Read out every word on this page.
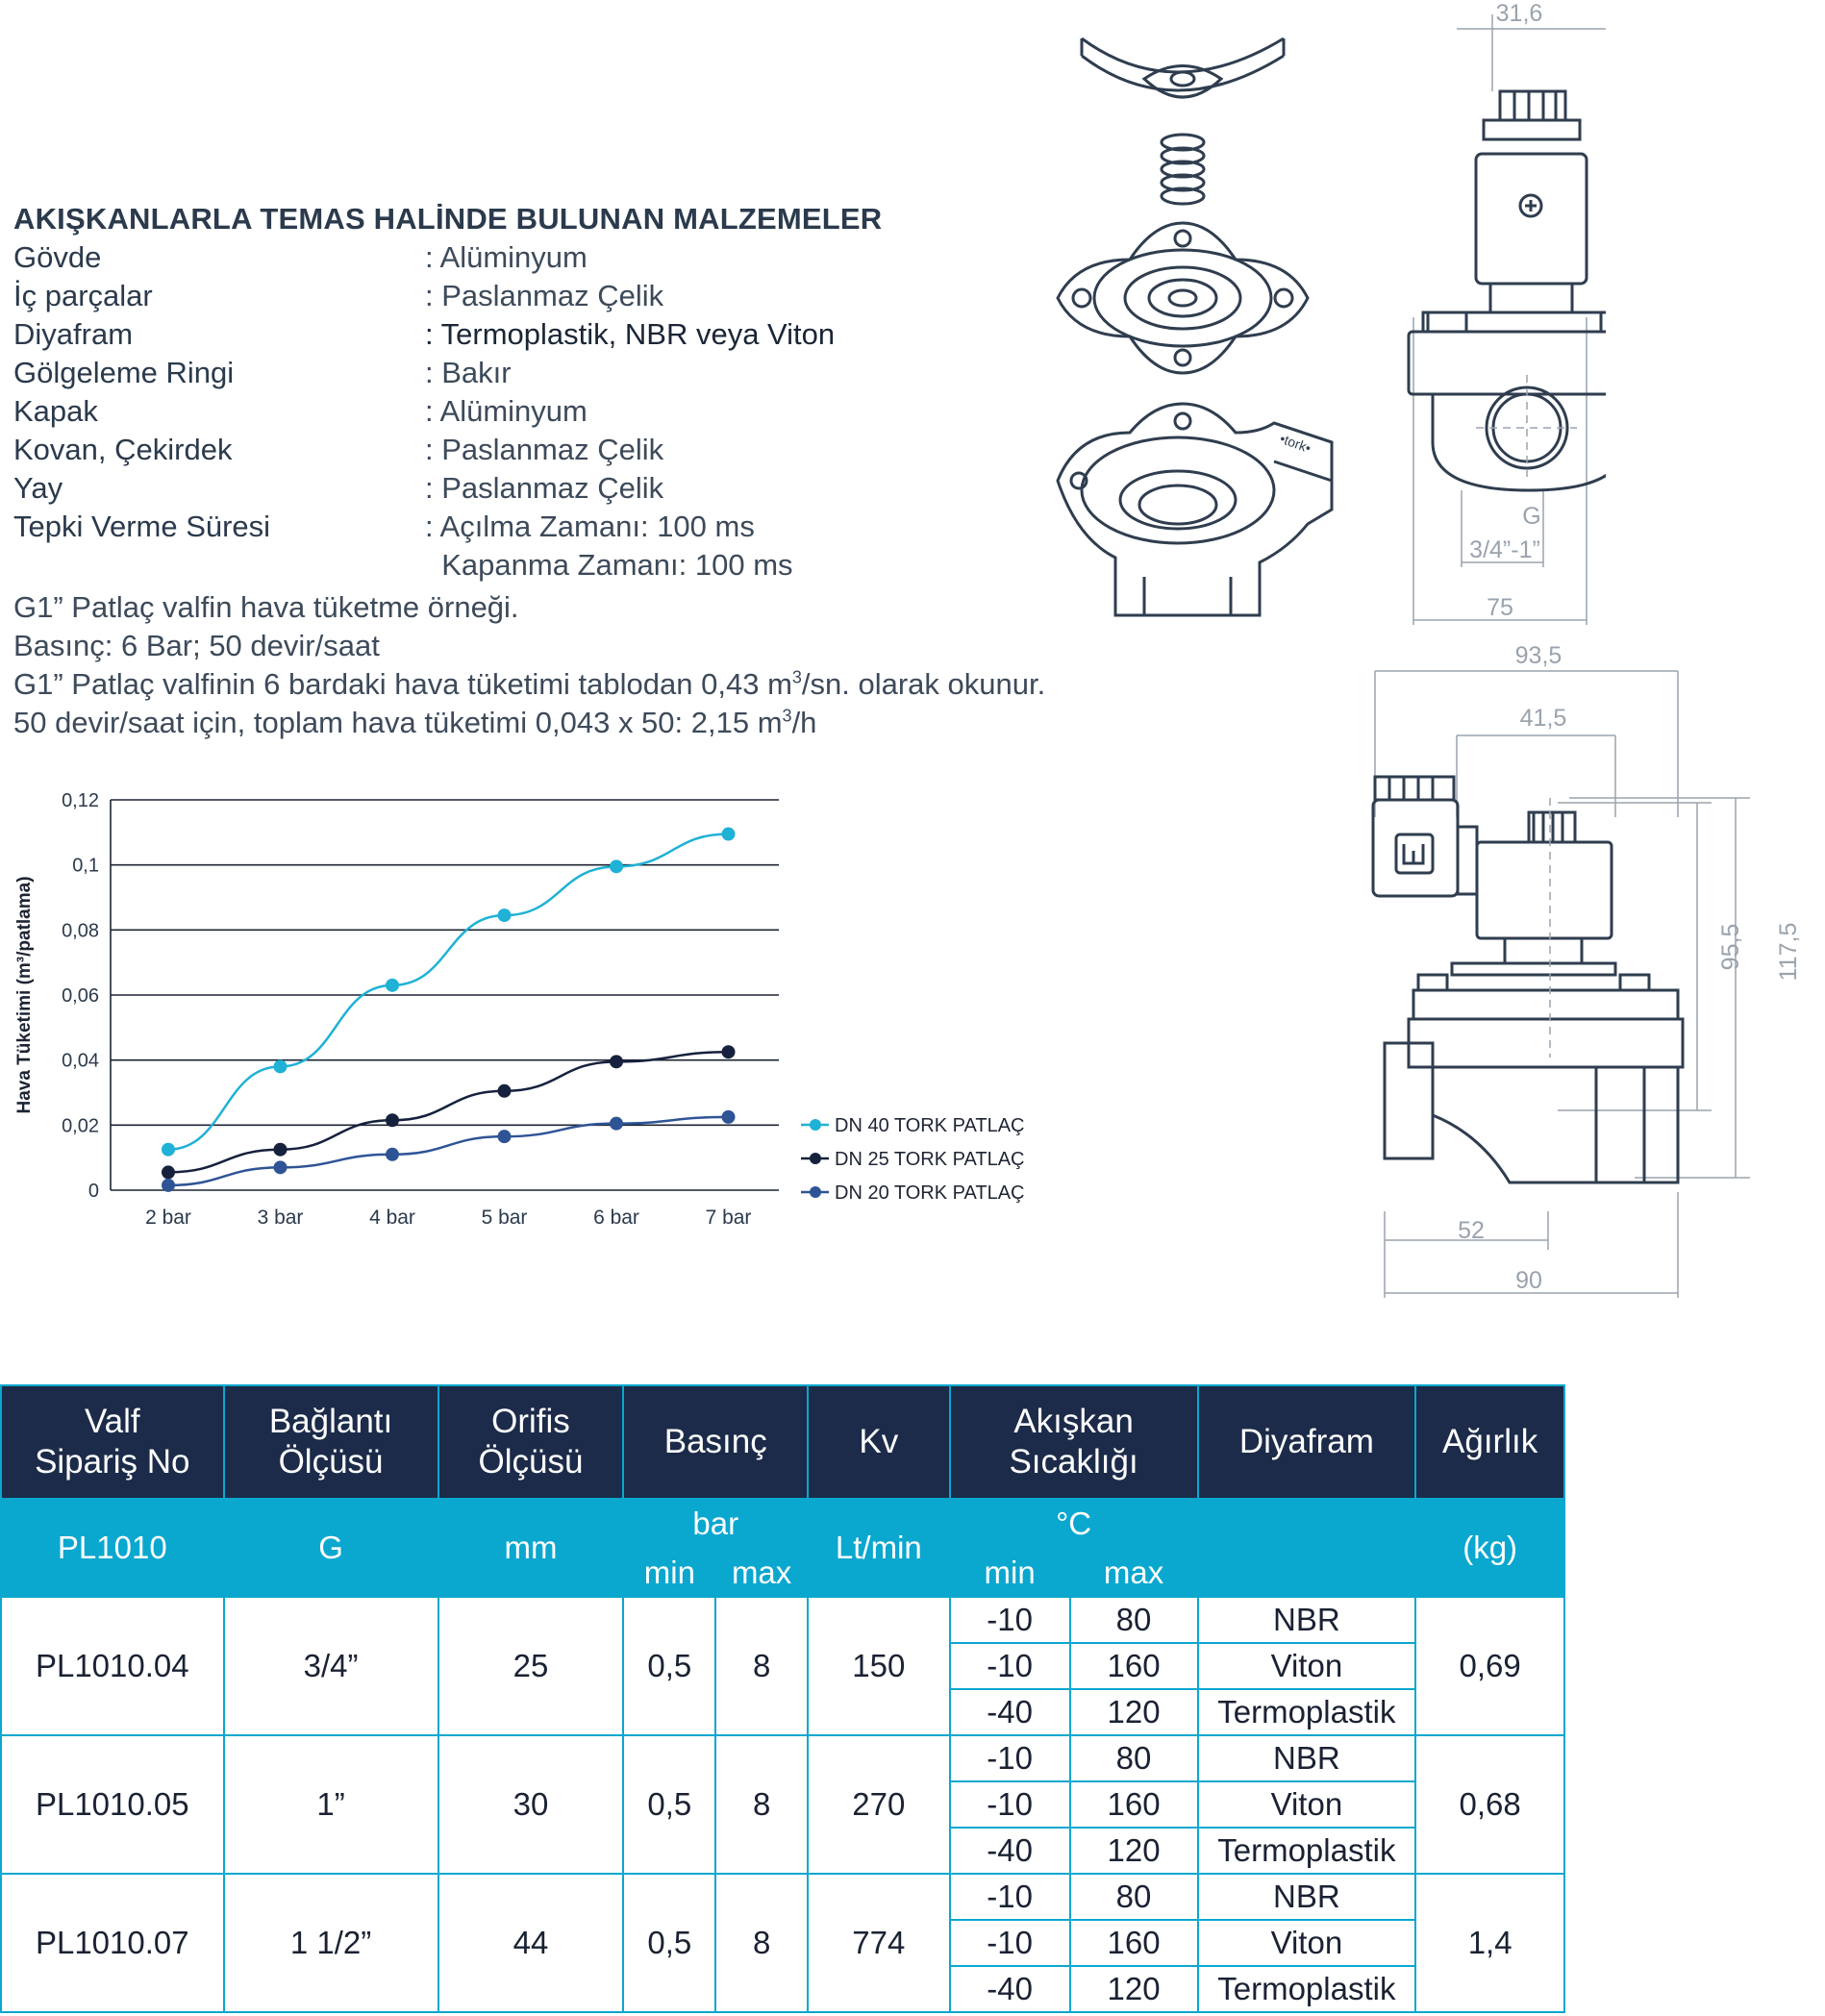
AKIŞKANLARLA TEMAS HALİNDE BULUNAN MALZEMELER
Gövde	: Alüminyum
İç parçalar	: Paslanmaz Çelik
Diyafram	: Termoplastik, NBR veya Viton
Gölgeleme Ringi	: Bakır
Kapak	: Alüminyum
Kovan, Çekirdek	: Paslanmaz Çelik
Yay	: Paslanmaz Çelik
Tepki Verme Süresi	: Açılma Zamanı: 100 ms
Kapanma Zamanı: 100 ms
G1” Patlaç valfin hava tüketme örneği.
Basınç: 6 Bar; 50 devir/saat
G1” Patlaç valfinin 6 bardaki hava tüketimi tablodan 0,43 $m^3/sn$. olarak okunur.
50 devir/saat için, toplam hava tüketimi 0,043 x 50: 2,15 $m^3/h$
0
0,02
0,04
0,06
0,08
0,1
0,12
2 bar	3 bar	4 bar	5 bar	6 bar	7 bar
Hava Tüketimi (m³/patlama)
DN 40 TORK PATLAÇ
DN 25 TORK PATLAÇ
DN 20 TORK PATLAÇ
•tork•
31,6
G
3/4”-1”
75
93,5
41,5
95,5 117,5
52
90
Valf Sipariş No	Bağlantı Ölçüsü	Orifis Ölçüsü	Basınç		Kv	Akışkan Sıcaklığı		Diyafram	Ağırlık
PL1010	G	mm	bar		Lt/min	°C			(kg)
			min	max		min	max		
PL1010.04	3/4”	25	0,5	8	150	-10	80	NBR	0,69
						-10	160	Viton	
						-40	120	Termoplastik	
PL1010.05	1”	30	0,5	8	270	-10	80	NBR	0,68
						-10	160	Viton	
						-40	120	Termoplastik	
PL1010.07	1 1/2”	44	0,5	8	774	-10	80	NBR	1,4
						-10	160	Viton	
						-40	120	Termoplastik	
